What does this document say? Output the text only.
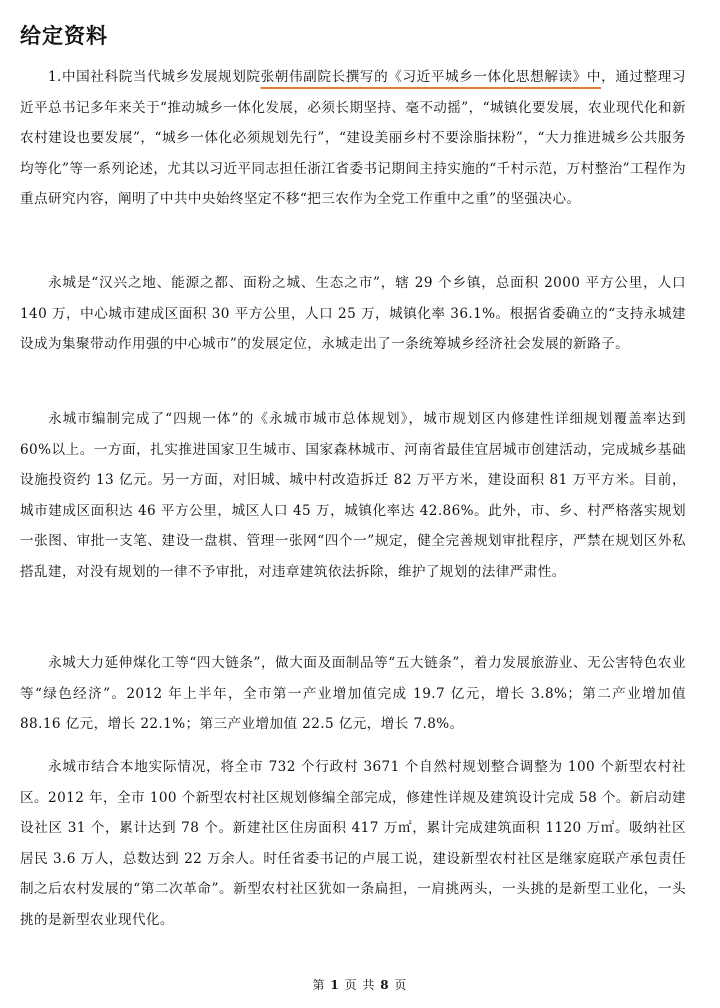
给定资料

1.中国社科院当代城乡发展规划院张朝伟副院长撰写的《习近平城乡一体化思想解读》中，通过整理习近平总书记多年来关于“推动城乡一体化发展，必须长期坚持、毫不动摇”，“城镇化要发展，农业现代化和新农村建设也要发展”，“城乡一体化必须规划先行”，“建设美丽乡村不要涂脂抹粉”，“大力推进城乡公共服务均等化”等一系列论述，尤其以习近平同志担任浙江省委书记期间主持实施的“千村示范，万村整治”工程作为重点研究内容，阐明了中共中央始终坚定不移“把三农作为全党工作重中之重”的坚强决心。

永城是“汉兴之地、能源之都、面粉之城、生态之市”，辖 29 个乡镇，总面积 2000 平方公里，人口 140 万，中心城市建成区面积 30 平方公里，人口 25 万，城镇化率 36.1%。根据省委确立的“支持永城建设成为集聚带动作用强的中心城市”的发展定位，永城走出了一条统筹城乡经济社会发展的新路子。

永城市编制完成了“四规一体”的《永城市城市总体规划》，城市规划区内修建性详细规划覆盖率达到 60%以上。一方面，扎实推进国家卫生城市、国家森林城市、河南省最佳宜居城市创建活动，完成城乡基础设施投资约 13 亿元。另一方面，对旧城、城中村改造拆迁 82 万平方米，建设面积 81 万平方米。目前，城市建成区面积达 46 平方公里，城区人口 45 万，城镇化率达 42.86%。此外，市、乡、村严格落实规划一张图、审批一支笔、建设一盘棋、管理一张网“四个一”规定，健全完善规划审批程序，严禁在规划区外私搭乱建，对没有规划的一律不予审批，对违章建筑依法拆除，维护了规划的法律严肃性。

永城大力延伸煤化工等“四大链条”，做大面及面制品等“五大链条”，着力发展旅游业、无公害特色农业等“绿色经济”。2012 年上半年，全市第一产业增加值完成 19.7 亿元，增长 3.8%；第二产业增加值 88.16 亿元，增长 22.1%；第三产业增加值 22.5 亿元，增长 7.8%。

永城市结合本地实际情况，将全市 732 个行政村 3671 个自然村规划整合调整为 100 个新型农村社区。2012 年，全市 100 个新型农村社区规划修编全部完成，修建性详规及建筑设计完成 58 个。新启动建设社区 31 个，累计达到 78 个。新建社区住房面积 417 万㎡，累计完成建筑面积 1120 万㎡。吸纳社区居民 3.6 万人，总数达到 22 万余人。时任省委书记的卢展工说，建设新型农村社区是继家庭联产承包责任制之后农村发展的“第二次革命”。新型农村社区犹如一条扁担，一肩挑两头，一头挑的是新型工业化，一头挑的是新型农业现代化。

第 1 页 共 8 页
